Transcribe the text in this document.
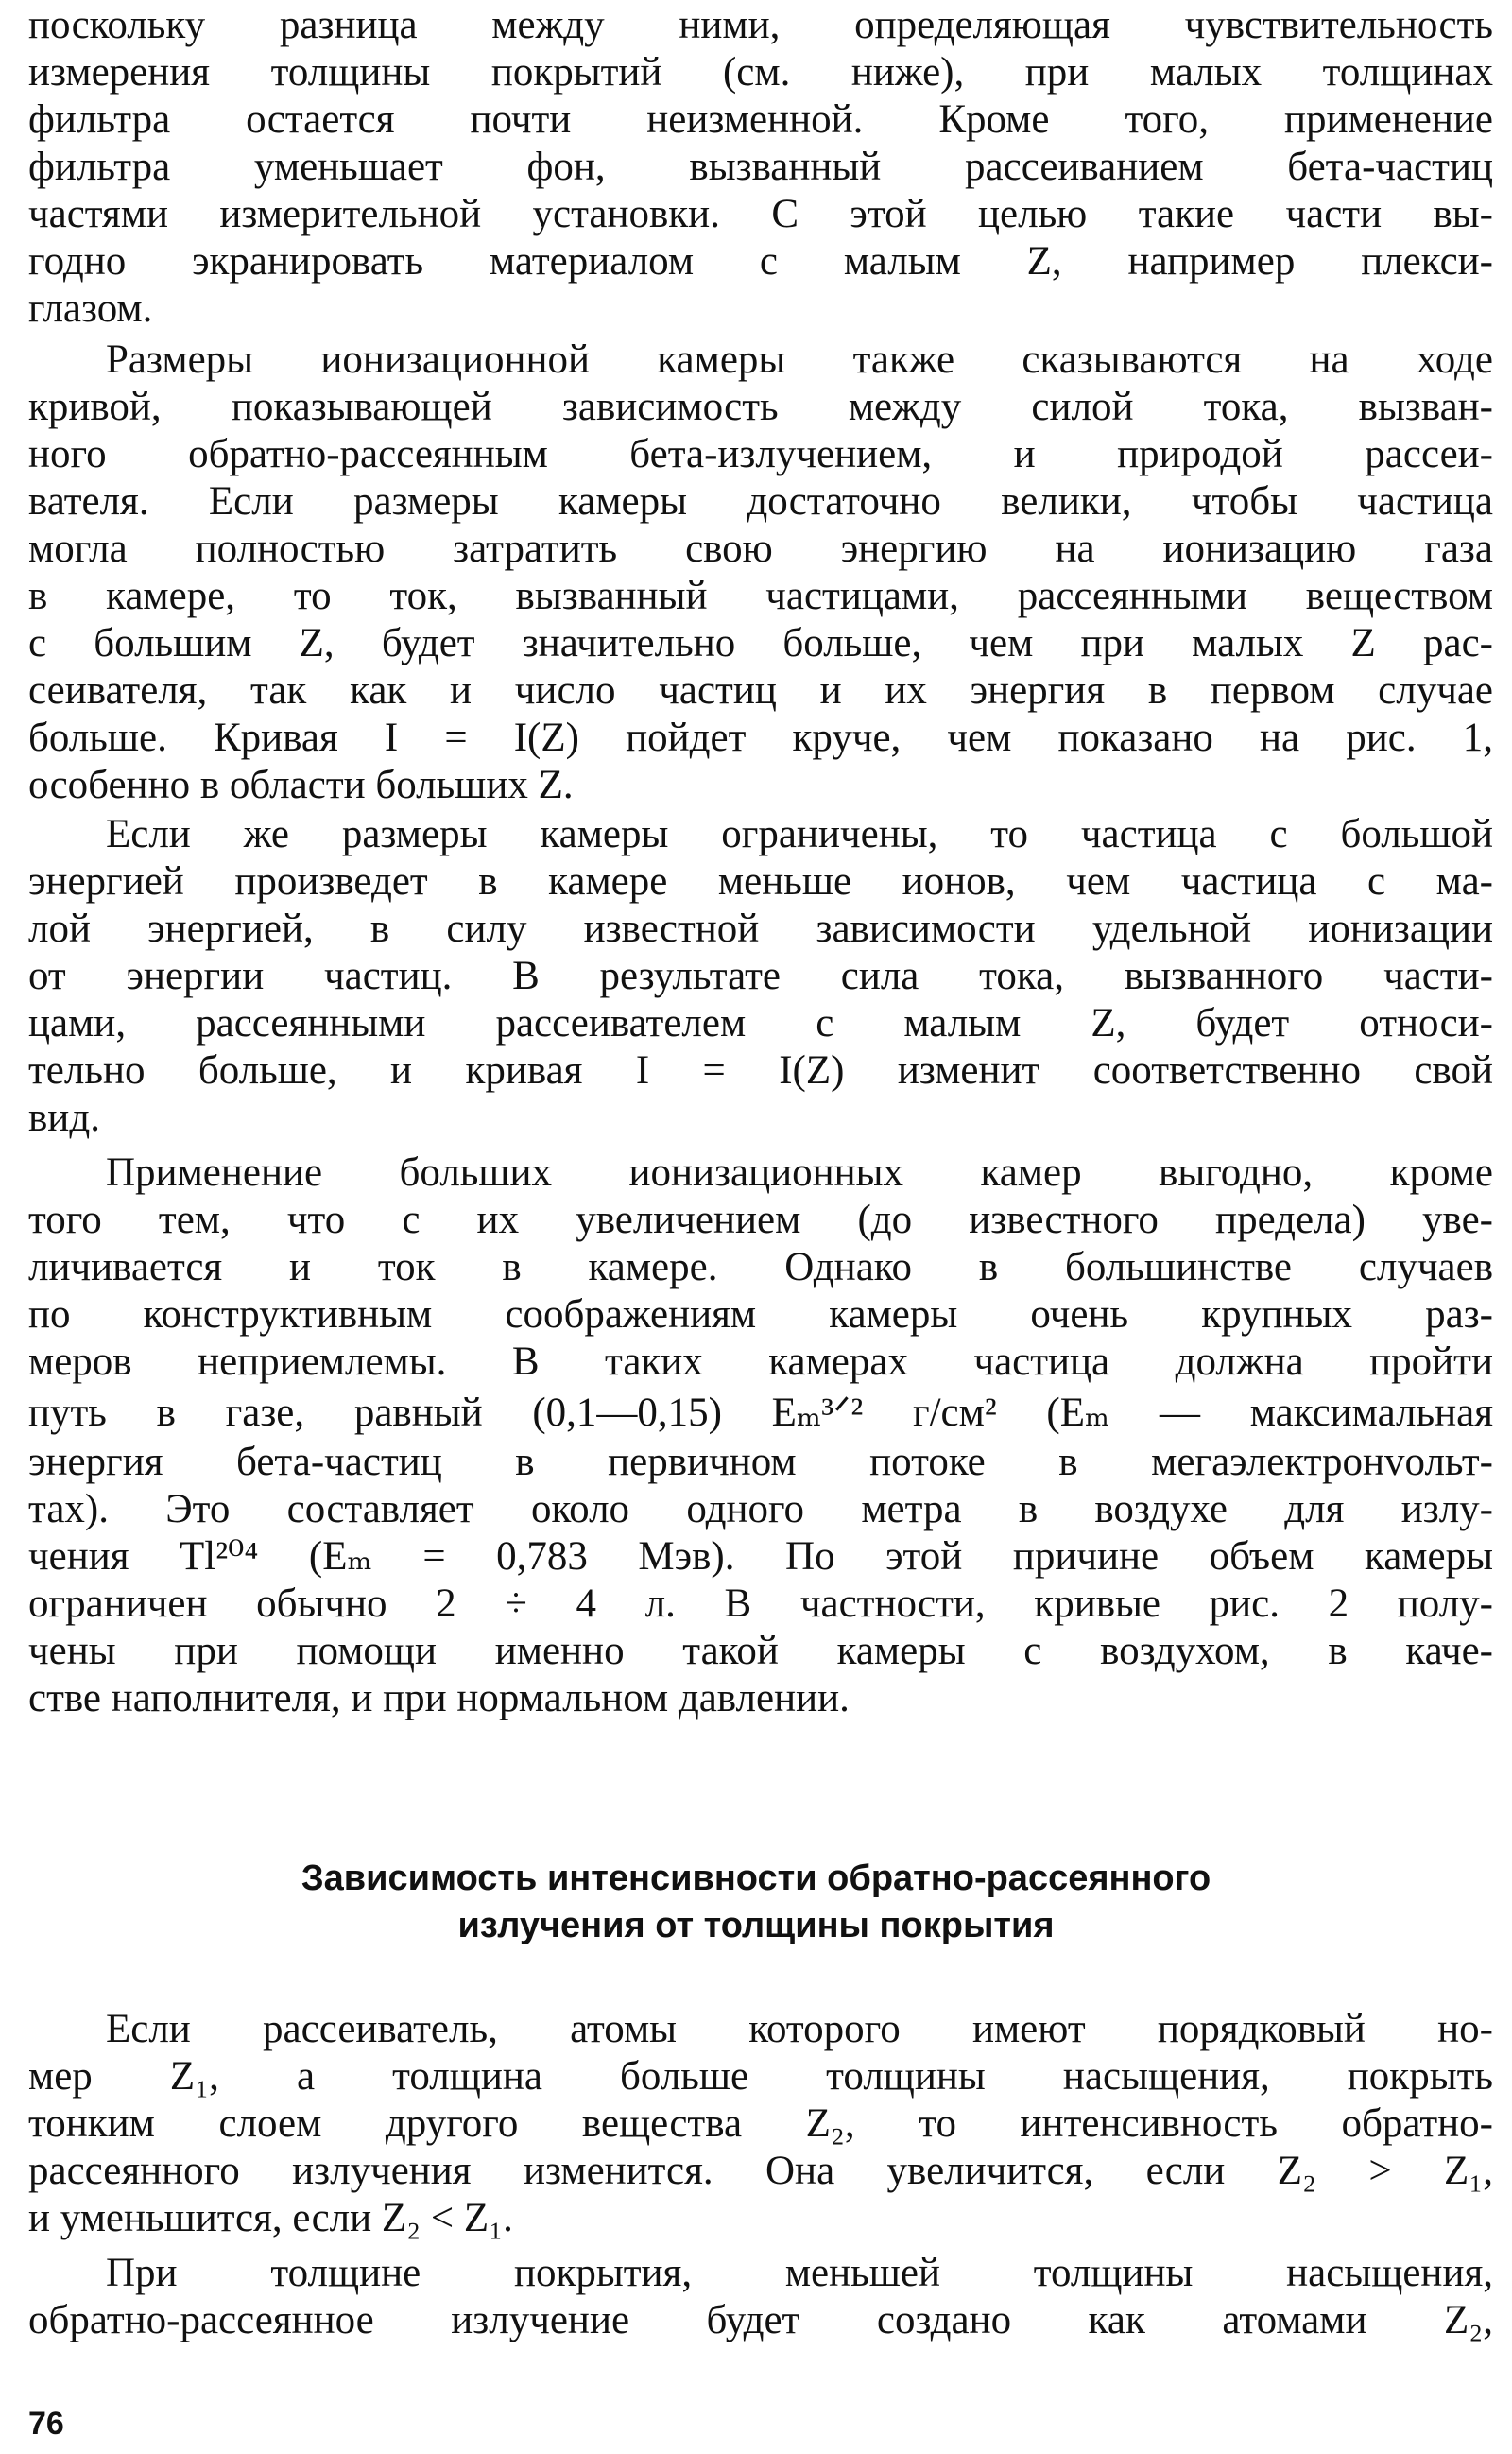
поскольку разница между ними, определяющая чувствительность

измерения толщины покрытий (см. ниже), при малых толщинах

фильтра остается почти неизменной. Кроме того, применение

фильтра уменьшает фон, вызванный рассеиванием бета-частиц

частями измерительной установки. С этой целью такие части вы-

годно экранировать материалом с малым Z, например плекси-

глазом.

Размеры ионизационной камеры также сказываются на ходе

кривой, показывающей зависимость между силой тока, вызван-

ного обратно-рассеянным бета-излучением, и природой рассеи-

вателя. Если размеры камеры достаточно велики, чтобы частица

могла полностью затратить свою энергию на ионизацию газа

в камере, то ток, вызванный частицами, рассеянными веществом

с большим Z, будет значительно больше, чем при малых Z рас-

сеивателя, так как и число частиц и их энергия в первом случае

больше. Кривая I = I(Z) пойдет круче, чем показано на рис. 1,

особенно в области больших Z.

Если же размеры камеры ограничены, то частица с большой

энергией произведет в камере меньше ионов, чем частица с ма-

лой энергией, в силу известной зависимости удельной ионизации

от энергии частиц. В результате сила тока, вызванного части-

цами, рассеянными рассеивателем с малым Z, будет относи-

тельно больше, и кривая I = I(Z) изменит соответственно свой

вид.

Применение больших ионизационных камер выгодно, кроме

того тем, что с их увеличением (до известного предела) уве-

личивается и ток в камере. Однако в большинстве случаев

по конструктивным соображениям камеры очень крупных раз-

меров неприемлемы. В таких камерах частица должна пройти

путь в газе, равный (0,1—0,15) Eₘ³ᐟ² г/см² (Eₘ — максимальная

энергия бета-частиц в первичном потоке в мегаэлектронvольт-

тах). Это составляет около одного метра в воздухе для излу-

чения Tl²⁰⁴ (Eₘ = 0,783 Мэв). По этой причине объем камеры

ограничен обычно 2 ÷ 4 л. В частности, кривые рис. 2 полу-

чены при помощи именно такой камеры с воздухом, в каче-

стве наполнителя, и при нормальном давлении.

Зависимость интенсивности обратно-рассеянного

излучения от толщины покрытия

Если рассеиватель, атомы которого имеют порядковый но-

мер Z₁, а толщина больше толщины насыщения, покрыть

тонким слоем другого вещества Z₂, то интенсивность обратно-

рассеянного излучения изменится. Она увеличится, если Z₂ > Z₁,

и уменьшится, если Z₂ < Z₁.

При толщине покрытия, меньшей толщины насыщения,

обратно-рассеянное излучение будет создано как атомами Z₂,

76
